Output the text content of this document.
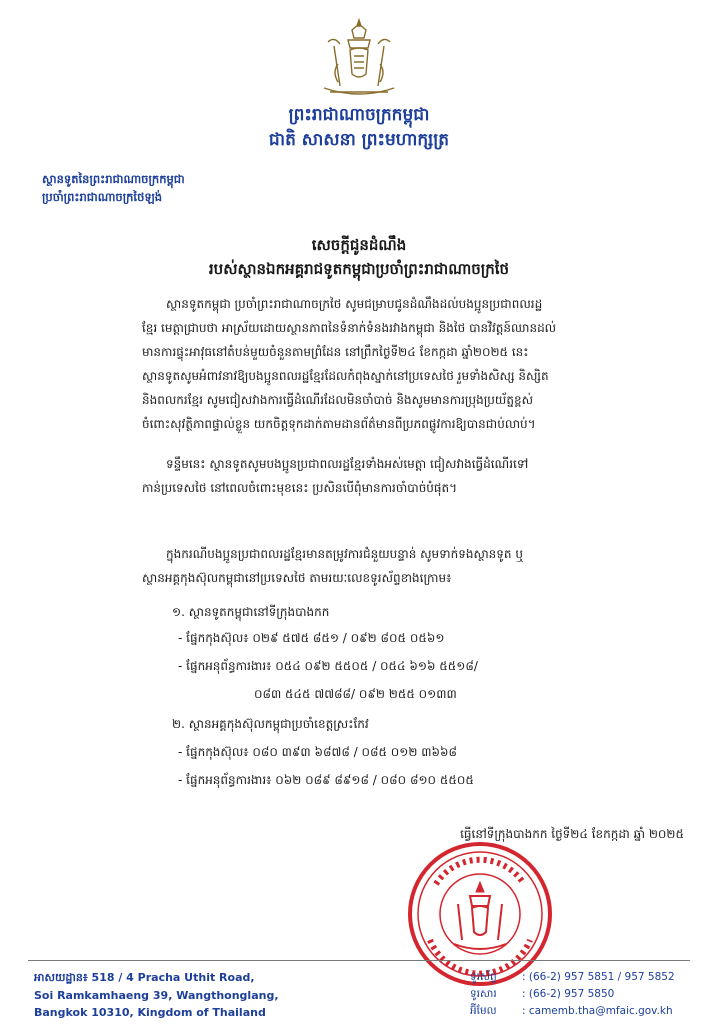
ព្រះរាជាណាចក្រកម្ពុជា
ជាតិ សាសនា ព្រះមហាក្សត្រ
ស្ថានទូតនៃព្រះរាជាណាចក្រកម្ពុជា
ប្រចាំព្រះរាជាណាចក្រថៃឡង់
សេចក្តីជូនដំណឹង
របស់ស្ថានឯកអគ្គរាជទូតកម្ពុជាប្រចាំព្រះរាជាណាចក្រថៃ

ស្ថានទូតកម្ពុជា ប្រចាំព្រះរាជាណាចក្រថៃ សូមជម្រាបជូនដំណឹងដល់បងប្អូនប្រជាពលរដ្ឋ

ខ្មែរ មេត្តាជ្រាបថា អាស្រ័យដោយស្ថានភាពនៃទំនាក់ទំនងរវាងកម្ពុជា និងថៃ បានវិវត្តន៍ឈានដល់

មានការផ្ទុះអាវុធនៅតំបន់មួយចំនួនតាមព្រំដែន នៅព្រឹកថ្ងៃទី២៤ ខែកក្កដា ឆ្នាំ២០២៥ នេះ

ស្ថានទូតសូមអំពាវនាវឱ្យបងប្អូនពលរដ្ឋខ្មែរដែលកំពុងស្នាក់នៅប្រទេសថៃ រួមទាំងសិស្ស និស្សិត

និងពលករខ្មែរ សូមជៀសវាងការធ្វើដំណើរដែលមិនចាំបាច់ និងសូមមានការប្រុងប្រយ័ត្នខ្ពស់

ចំពោះសុវត្ថិភាពផ្ទាល់ខ្លួន យកចិត្តទុកដាក់តាមដានព័ត៌មានពីប្រភពផ្លូវការឱ្យបានជាប់លាប់។

ទន្ទឹមនេះ ស្ថានទូតសូមបងប្អូនប្រជាពលរដ្ឋខ្មែរទាំងអស់មេត្តា ជៀសវាងធ្វើដំណើរទៅ

កាន់ប្រទេសថៃ នៅពេលចំពោះមុខនេះ ប្រសិនបើពុំមានការចាំបាច់បំផុត។

ក្នុងករណីបងប្អូនប្រជាពលរដ្ឋខ្មែរមានតម្រូវការជំនួយបន្ទាន់ សូមទាក់ទងស្ថានទូត ឬ

ស្ថានអគ្គកុងស៊ុលកម្ពុជានៅប្រទេសថៃ តាមរយៈលេខទូរស័ព្ទខាងក្រោម៖

១. ស្ថានទូតកម្ពុជានៅទីក្រុងបាងកក
- ផ្នែកកុងស៊ុល៖ ០២៩ ៥៧៥ ៨៥១ / ០៩២ ៨០៥ ០៥៦១
- ផ្នែកអនុព័ន្ធការងារ៖ ០៥៤ ០៩២ ៥៥០៥ / ០៥៤ ៦១៦ ៥៥១៨/
០៨៣ ៥៤៥ ៧៧៨៨/ ០៩២ ២៥៥ ០១៣៣
២. ស្ថានអគ្គកុងស៊ុលកម្ពុជាប្រចាំខេត្តស្រះកែវ
- ផ្នែកកុងស៊ុល៖ ០៨០ ៣៩៣ ៦៨៧៨ / ០៨៥ ០១២ ៣៦៦៨
- ផ្នែកអនុព័ន្ធការងារ៖ ០៦២ ០៨៩ ៨៩១៨ / ០៨០ ៨១០ ៥៥០៥
ធ្វើនៅទីក្រុងបាងកក ថ្ងៃទី២៤ ខែកក្កដា ឆ្នាំ ២០២៥
អាសយដ្ឋាន៖ 518 / 4 Pracha Uthit Road,
Soi Ramkamhaeng 39, Wangthonglang,
Bangkok 10310, Kingdom of Thailand
ទូរស័ព្ទ : (66-2) 957 5851 / 957 5852
ទូរសារ : (66-2) 957 5850
អ៊ីមែល : camemb.tha@mfaic.gov.kh
